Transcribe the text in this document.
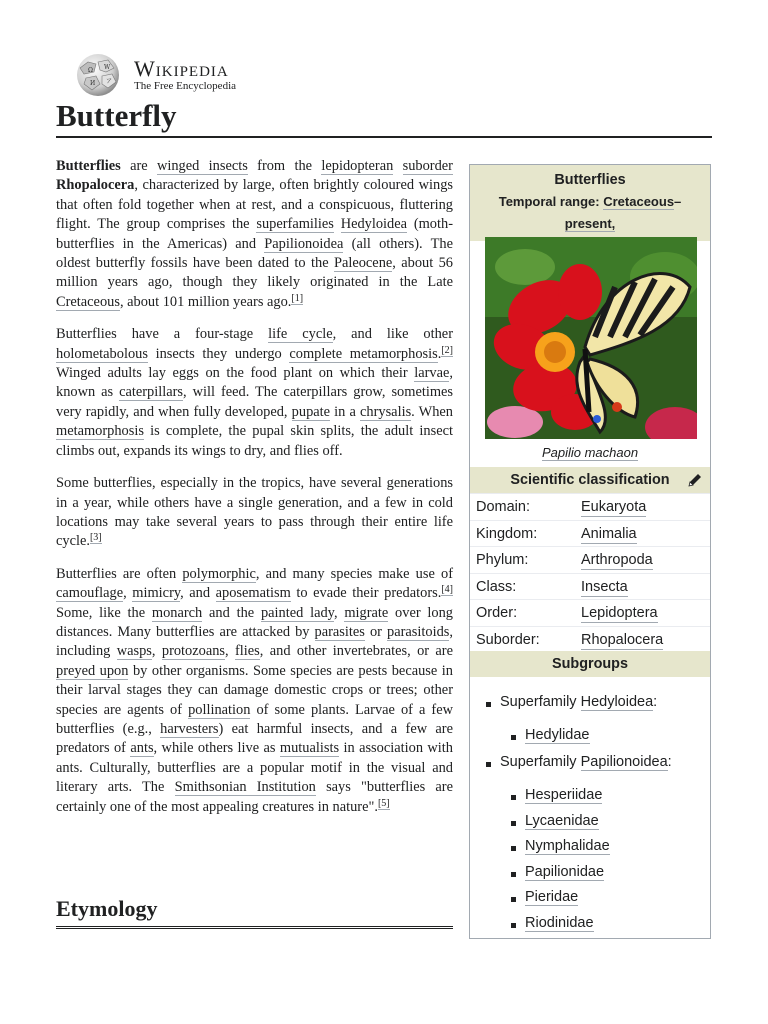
Ω W
И ア
Wikipedia
The Free Encyclopedia
Butterfly

Butterflies are winged insects from the lepidopteran suborder Rhopalocera, characterized by large, often brightly coloured wings that often fold together when at rest, and a conspicuous, fluttering flight. The group comprises the superfamilies Hedyloidea (moth-butterflies in the Americas) and Papilionoidea (all others). The oldest butterfly fossils have been dated to the Paleocene, about 56 million years ago, though they likely originated in the Late Cretaceous, about 101 million years ago.[1]

Butterflies have a four-stage life cycle, and like other holometabolous insects they undergo complete metamorphosis.[2] Winged adults lay eggs on the food plant on which their larvae, known as caterpillars, will feed. The caterpillars grow, sometimes very rapidly, and when fully developed, pupate in a chrysalis. When metamorphosis is complete, the pupal skin splits, the adult insect climbs out, expands its wings to dry, and flies off.

Some butterflies, especially in the tropics, have several generations in a year, while others have a single generation, and a few in cold locations may take several years to pass through their entire life cycle.[3]

Butterflies are often polymorphic, and many species make use of camouflage, mimicry, and aposematism to evade their predators.[4] Some, like the monarch and the painted lady, migrate over long distances. Many butterflies are attacked by parasites or parasitoids, including wasps, protozoans, flies, and other invertebrates, or are preyed upon by other organisms. Some species are pests because in their larval stages they can damage domestic crops or trees; other species are agents of pollination of some plants. Larvae of a few butterflies (e.g., harvesters) eat harmful insects, and a few are predators of ants, while others live as mutualists in association with ants. Culturally, butterflies are a popular motif in the visual and literary arts. The Smithsonian Institution says "butterflies are certainly one of the most appealing creatures in nature".[5]

Etymology
Butterflies
Temporal range: Cretaceous–
present,
Papilio machaon
Scientific classification
Domain:	Eukaryota
Kingdom:	Animalia
Phylum:	Arthropoda
Class:	Insecta
Order:	Lepidoptera
Suborder:	Rhopalocera
Subgroups
Superfamily Hedyloidea:
Hedylidae
Superfamily Papilionoidea:
Hesperiidae
Lycaenidae
Nymphalidae
Papilionidae
Pieridae
Riodinidae
